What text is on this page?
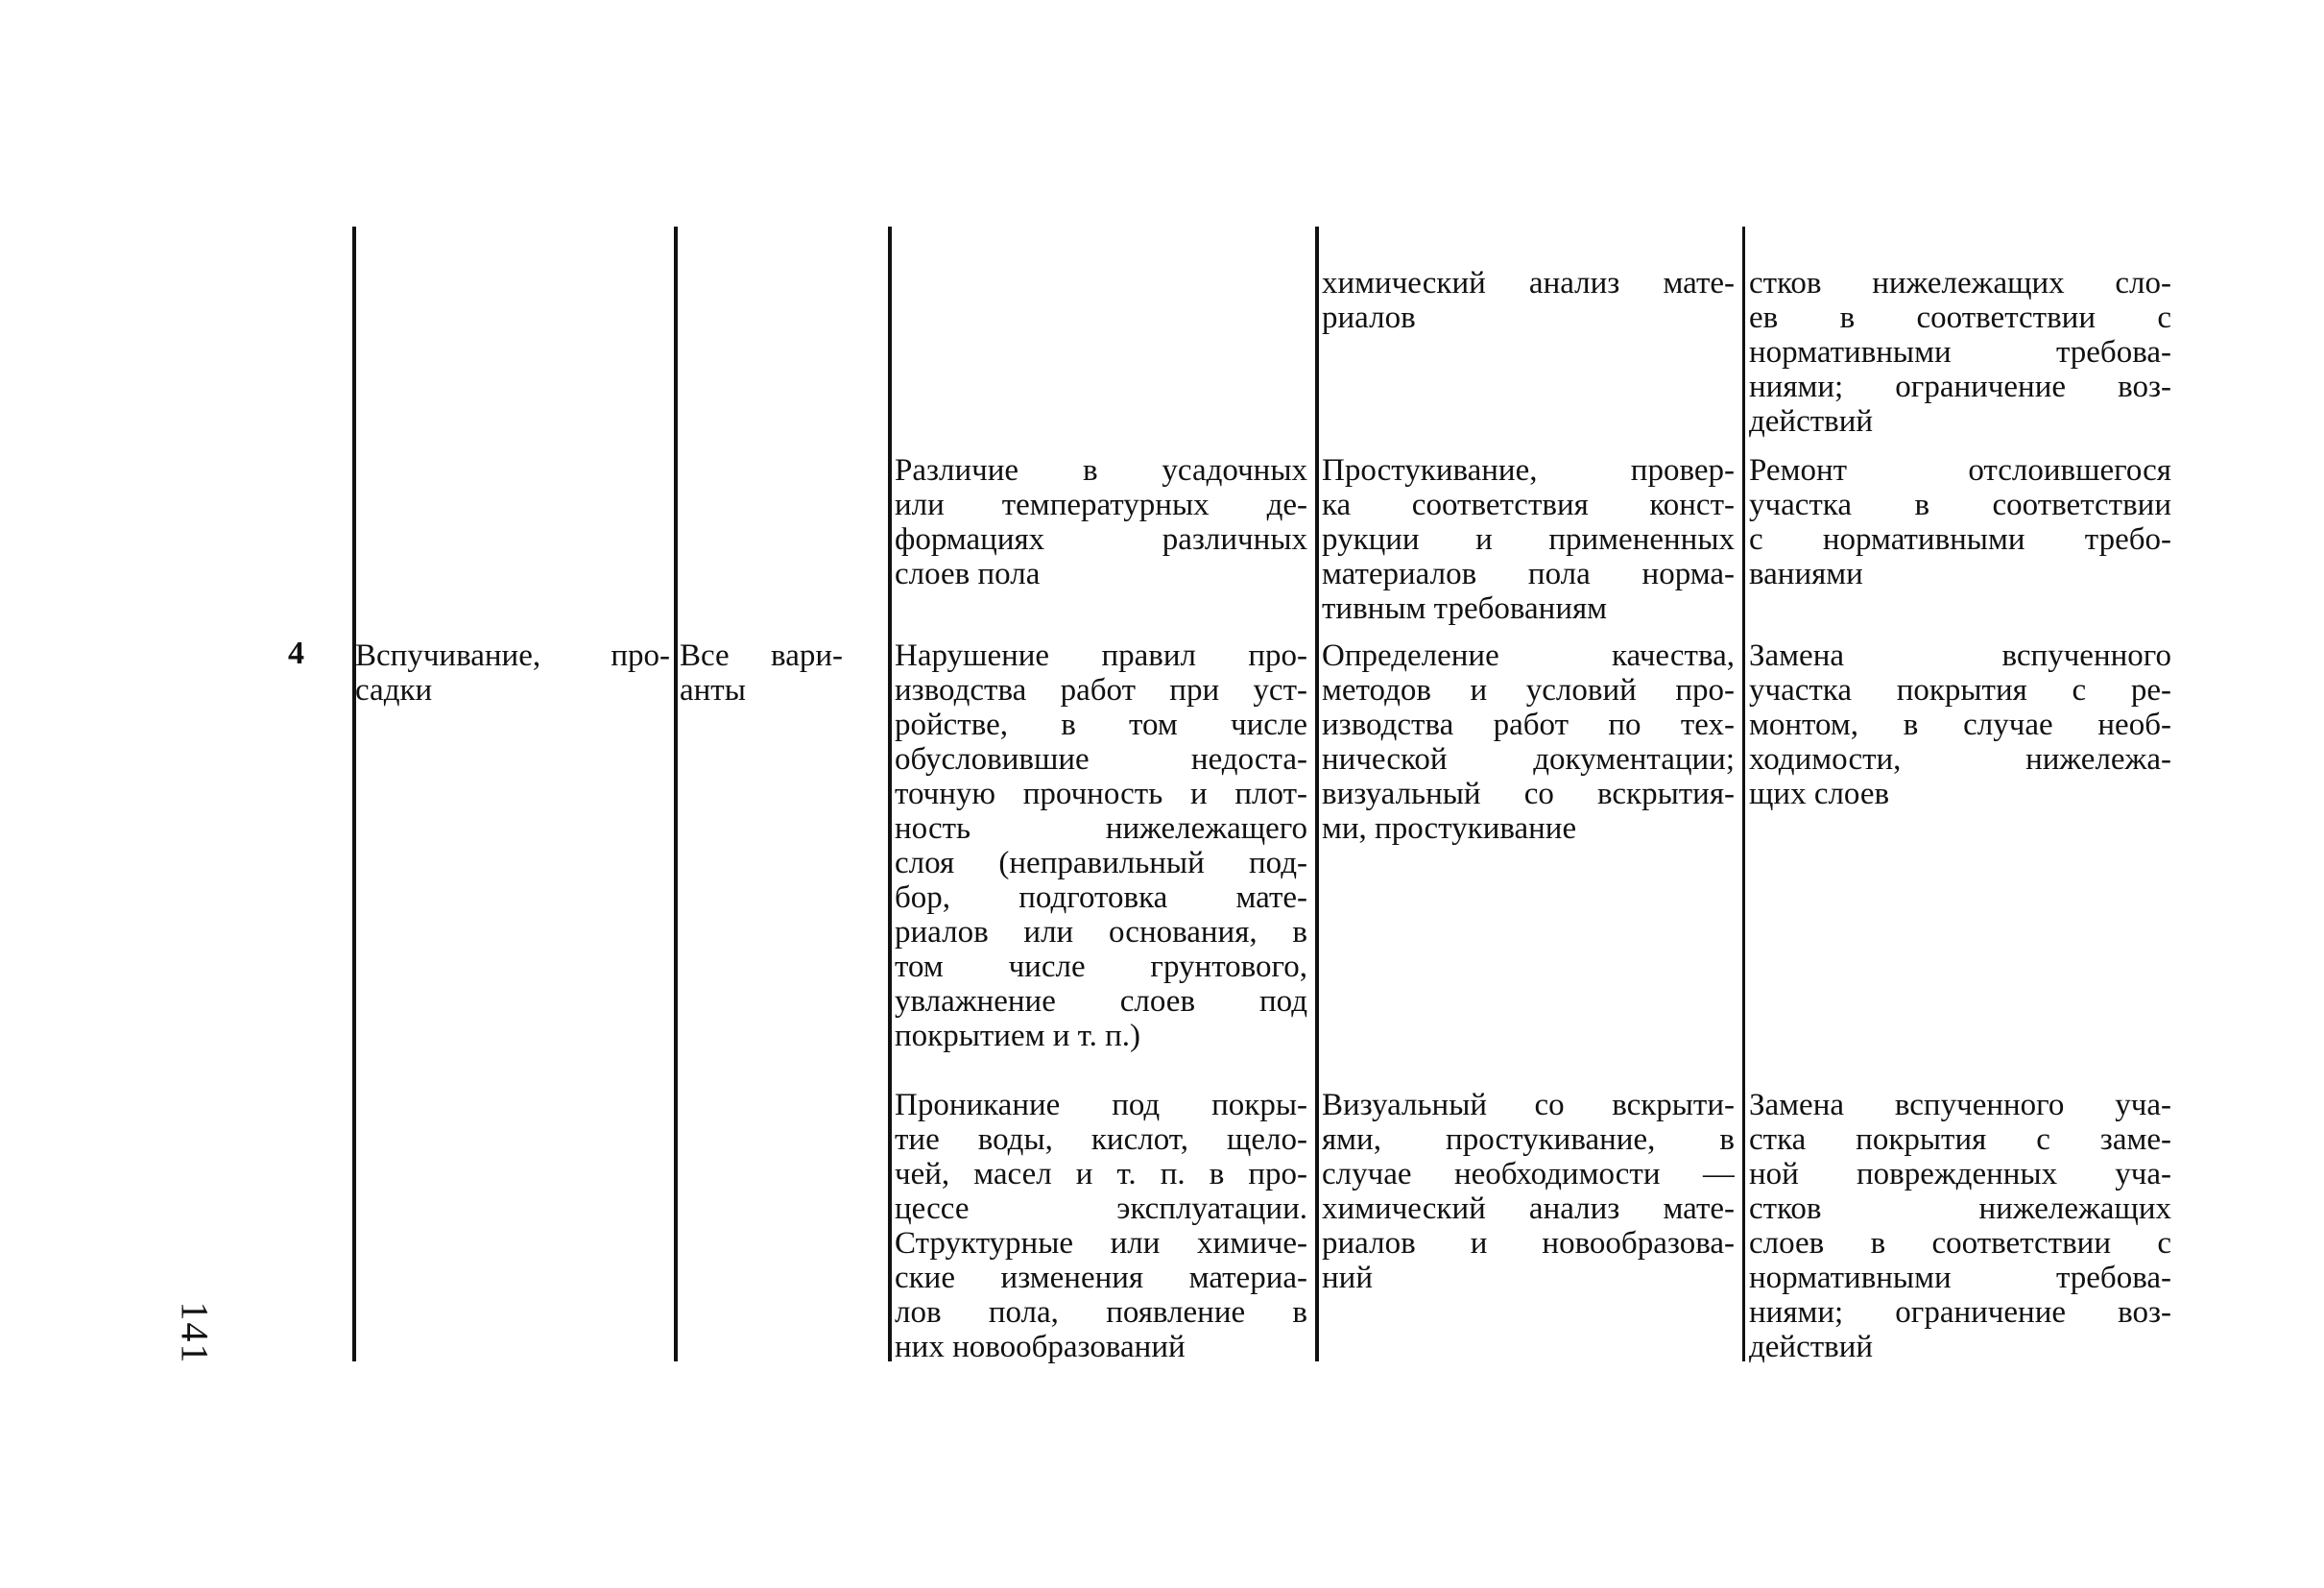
141
4 Вспучивание, про-
садки
Все вари-
анты
химический анализ мате-
риалов
стков нижележащих сло-
ев в соответствии с
нормативными требова-
ниями; ограничение воз-
действий
Различие в усадочных
или температурных де-
формациях различных
слоев пола
Простукивание, провер-
ка соответствия конст-
рукции и примененных
материалов пола норма-
тивным требованиям
Ремонт отслоившегося
участка в соответствии
с нормативными требо-
ваниями
Нарушение правил про-
изводства работ при уст-
ройстве, в том числе
обусловившие недоста-
точную прочность и плот-
ность нижележащего
слоя (неправильный под-
бор, подготовка мате-
риалов или основания, в
том числе грунтового,
увлажнение слоев под
покрытием и т. п.)
Определение качества,
методов и условий про-
изводства работ по тех-
нической документации;
визуальный со вскрытия-
ми, простукивание
Замена вспученного
участка покрытия с ре-
монтом, в случае необ-
ходимости, нижележа-
щих слоев
Проникание под покры-
тие воды, кислот, щело-
чей, масел и т. п. в про-
цессе эксплуатации.
Структурные или химиче-
ские изменения материа-
лов пола, появление в
них новообразований
Визуальный со вскрыти-
ями, простукивание, в
случае необходимости —
химический анализ мате-
риалов и новообразова-
ний
Замена вспученного уча-
стка покрытия с заме-
ной поврежденных уча-
стков нижележащих
слоев в соответствии с
нормативными требова-
ниями; ограничение воз-
действий
